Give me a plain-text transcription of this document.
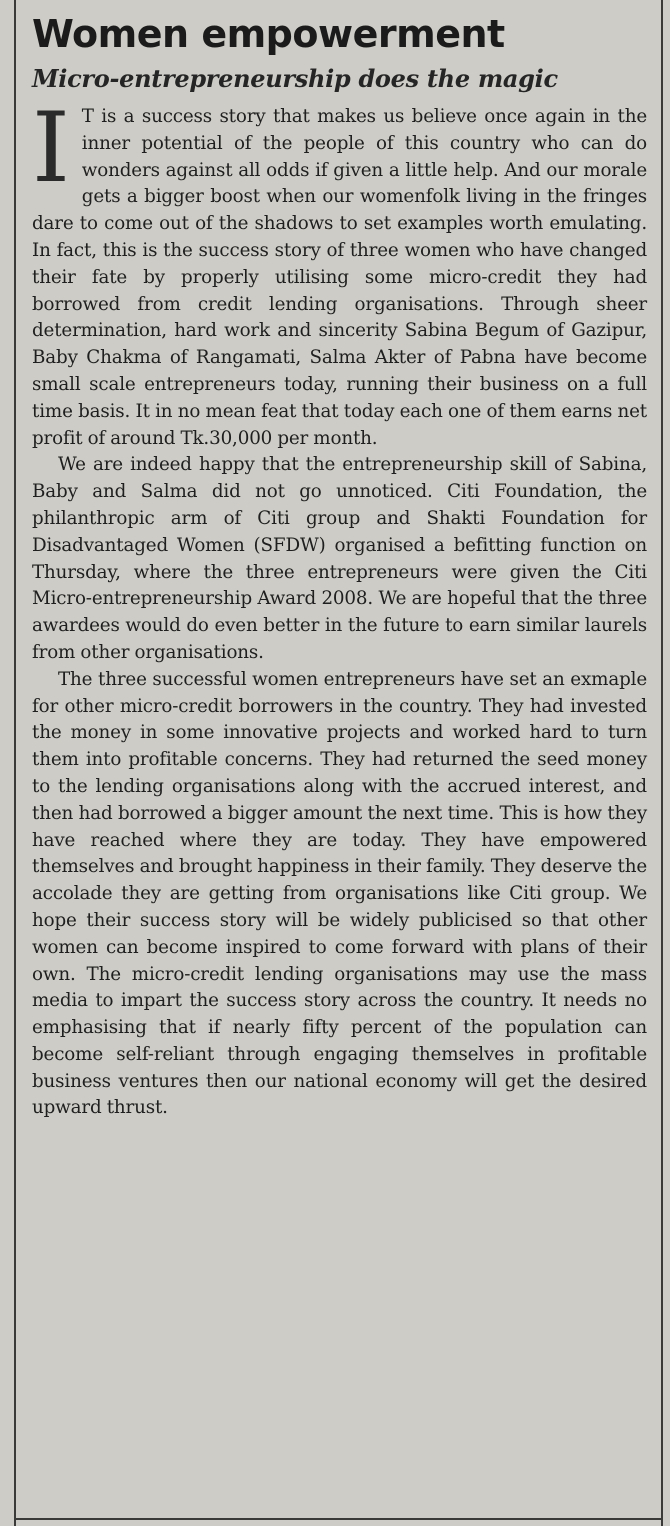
Women empowerment
Micro-entrepreneurship does the magic

I T is a success story that makes us believe once again in the inner potential of the people of this country who can do wonders against all odds if given a little help. And our morale gets a bigger boost when our womenfolk living in the fringes dare to come out of the shadows to set examples worth emulating. In fact, this is the success story of three women who have changed their fate by properly utilising some micro-credit they had borrowed from credit lending organisations. Through sheer determination, hard work and sincerity Sabina Begum of Gazipur, Baby Chakma of Rangamati, Salma Akter of Pabna have become small scale entrepreneurs today, running their business on a full time basis. It in no mean feat that today each one of them earns net profit of around Tk.30,000 per month.

We are indeed happy that the entrepreneurship skill of Sabina, Baby and Salma did not go unnoticed. Citi Foundation, the philanthropic arm of Citi group and Shakti Foundation for Disadvantaged Women (SFDW) organised a befitting function on Thursday, where the three entrepreneurs were given the Citi Micro-entrepreneurship Award 2008. We are hopeful that the three awardees would do even better in the future to earn similar laurels from other organisations.

The three successful women entrepreneurs have set an exmaple for other micro-credit borrowers in the country. They had invested the money in some innovative projects and worked hard to turn them into profitable concerns. They had returned the seed money to the lending organisations along with the accrued interest, and then had borrowed a bigger amount the next time. This is how they have reached where they are today. They have empowered themselves and brought happiness in their family. They deserve the accolade they are getting from organisations like Citi group. We hope their success story will be widely publicised so that other women can become inspired to come forward with plans of their own. The micro-credit lending organisations may use the mass media to impart the success story across the country. It needs no emphasising that if nearly fifty percent of the population can become self-reliant through engaging themselves in profitable business ventures then our national economy will get the desired upward thrust.
